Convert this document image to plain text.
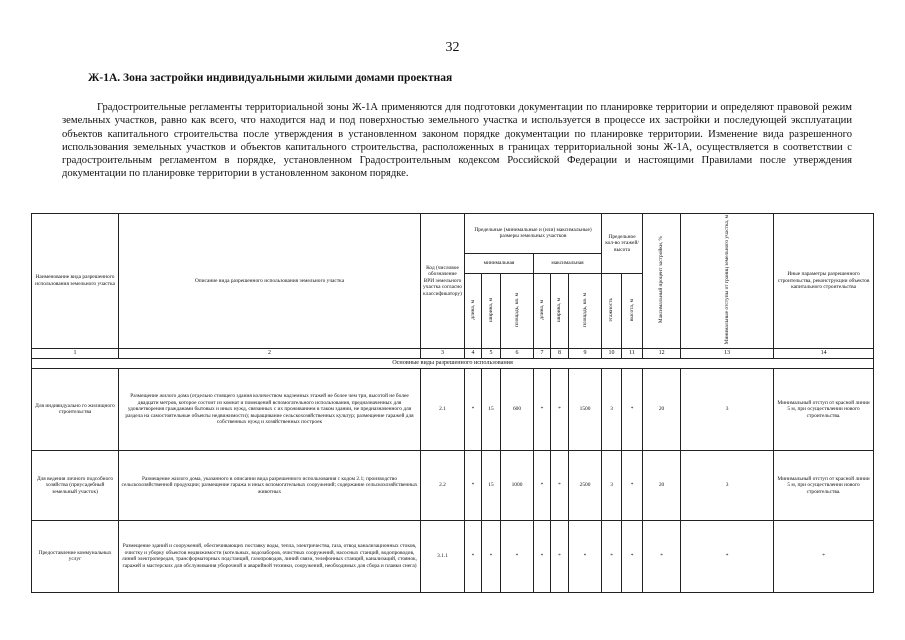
32
Ж-1А. Зона застройки индивидуальными жилыми домами проектная

Градостроительные регламенты территориальной зоны Ж-1А применяются для подготовки документации по планировке территории и определяют правовой режим земельных участков, равно как всего, что находится над и под поверхностью земельного участка и используется в процессе их застройки и последующей эксплуатации объектов капитального строительства после утверждения в установленном законом порядке документации по планировке территории. Изменение вида разрешенного использования земельных участков и объектов капитального строительства, расположенных в границах территориальной зоны Ж-1А, осуществляется в соответствии с градостроительным регламентом в порядке, установленном Градостроительным кодексом Российской Федерации и настоящими Правилами после утверждения документации по планировке территории в установленном законом порядке.

Наименование вида разрешенного использования земельного участка	Описание вида разрешенного использования земельного участка	Код (числовое обозначение ВРИ земельного участка согласно классификатору)	Предельные (минимальные и (или) максимальные) размеры земельных участков						Предельное кол-во этажей/высота		Максимальный процент застройки, %	Минимальные отступы от границ земельного участка, м	Иные параметры разрешенного строительства, реконструкции объектов капитального строительства
			минимальная			максимальная							
			длина, м	ширина, м	площадь, кв. м	длина, м	ширина, м	площадь, кв. м	этажность	высота, м			
1	2	3	4	5	6	7	8	9	10	11	12	13	14
Основные виды разрешенного использования													
Для индивидуально го жилищного строительства	Размещение жилого дома (отдельно стоящего здания количеством надземных этажей не более чем три, высотой не более двадцати метров, которое состоит из комнат и помещений вспомогательного использования, предназначенных для удовлетворения гражданами бытовых и иных нужд, связанных с их проживанием в таком здании, не предназначенного для раздела на самостоятельные объекты недвижимости); выращивание сельскохозяйственных культур; размещение гаражей для собственных нужд и хозяйственных построек	2.1	*	15	600	*	*	1500	3	*	20	3	Минимальный отступ от красной линии 5 м, при осуществлении нового строительства.
Для ведения личного подсобного хозяйства (приусадебный земельный участок)	Размещение жилого дома, указанного в описании вида разрешенного использования с кодом 2.1; производство сельскохозяйственной продукции; размещение гаража и иных вспомогательных сооружений; содержание сельскохозяйственных животных	2.2	*	15	1000	*	*	2500	3	*	20	3	Минимальный отступ от красной линии 5 м, при осуществлении нового строительства.
Предоставление коммунальных услуг	Размещение зданий и сооружений, обеспечивающих поставку воды, тепла, электричества, газа, отвод канализационных стоков, очистку и уборку объектов недвижимости (котельных, водозаборов, очистных сооружений, насосных станций, водопроводов, линий электропередач, трансформаторных подстанций, газопроводов, линий связи, телефонных станций, канализаций, стоянок, гаражей и мастерских для обслуживания уборочной и аварийной техники, сооружений, необходимых для сбора и плавки снега)	3.1.1	*	*	*	*	*	*	*	*	*	*	*
